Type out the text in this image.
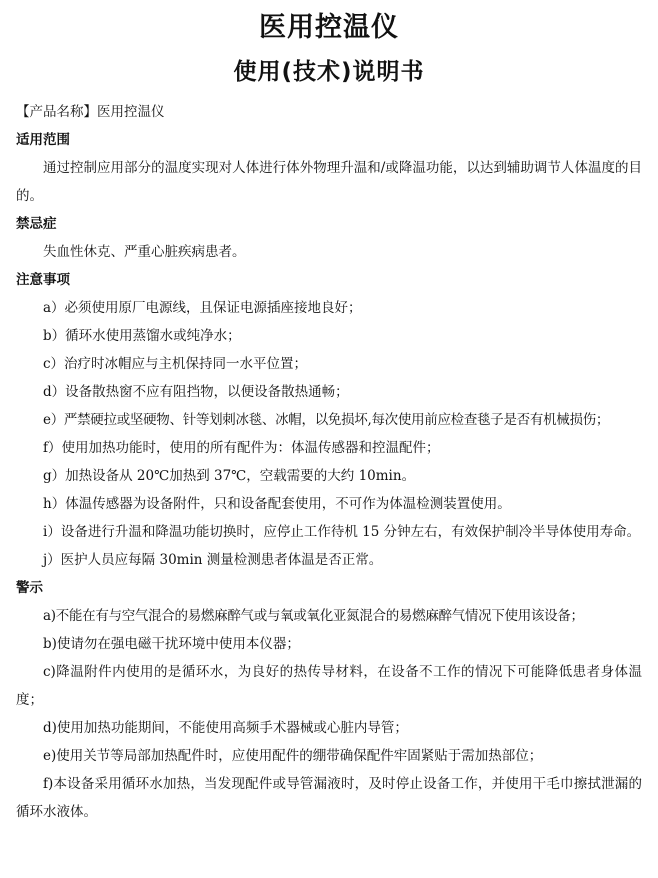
医用控温仪
使用(技术)说明书

【产品名称】医用控温仪

适用范围

通过控制应用部分的温度实现对人体进行体外物理升温和/或降温功能，以达到辅助调节人体温度的目的。

禁忌症

失血性休克、严重心脏疾病患者。

注意事项

a）必须使用原厂电源线，且保证电源插座接地良好；

b）循环水使用蒸馏水或纯净水；

c）治疗时冰帽应与主机保持同一水平位置；

d）设备散热窗不应有阻挡物，以便设备散热通畅；

e）严禁硬拉或坚硬物、针等划刺冰毯、冰帽，以免损坏,每次使用前应检查毯子是否有机械损伤；

f）使用加热功能时，使用的所有配件为：体温传感器和控温配件；

g）加热设备从 20℃加热到 37℃，空载需要的大约 10min。

h）体温传感器为设备附件，只和设备配套使用，不可作为体温检测装置使用。

i）设备进行升温和降温功能切换时，应停止工作待机 15 分钟左右，有效保护制冷半导体使用寿命。

j）医护人员应每隔 30min 测量检测患者体温是否正常。

警示

a)不能在有与空气混合的易燃麻醉气或与氧或氧化亚氮混合的易燃麻醉气情况下使用该设备；

b)使请勿在强电磁干扰环境中使用本仪器；

c)降温附件内使用的是循环水，为良好的热传导材料，在设备不工作的情况下可能降低患者身体温度；

d)使用加热功能期间，不能使用高频手术器械或心脏内导管；

e)使用关节等局部加热配件时，应使用配件的绷带确保配件牢固紧贴于需加热部位；

f)本设备采用循环水加热，当发现配件或导管漏液时，及时停止设备工作，并使用干毛巾擦拭泄漏的循环水液体。
